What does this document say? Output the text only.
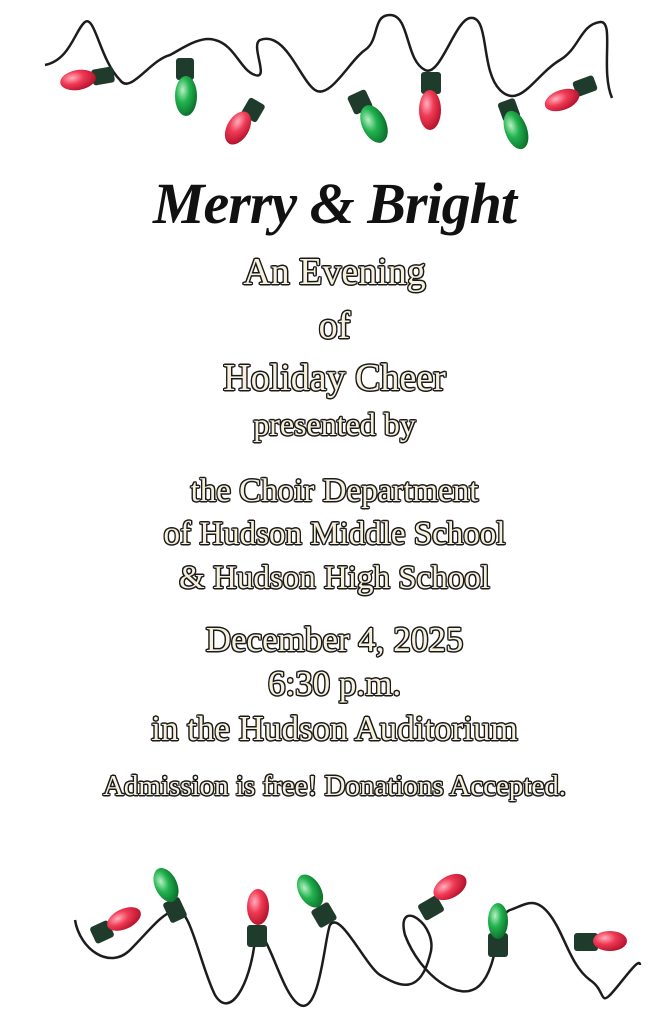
Merry & Bright
An Evening
of
Holiday Cheer
presented by
the Choir Department
of Hudson Middle School
& Hudson High School
December 4, 2025
6:30 p.m.
in the Hudson Auditorium
Admission is free! Donations Accepted.
